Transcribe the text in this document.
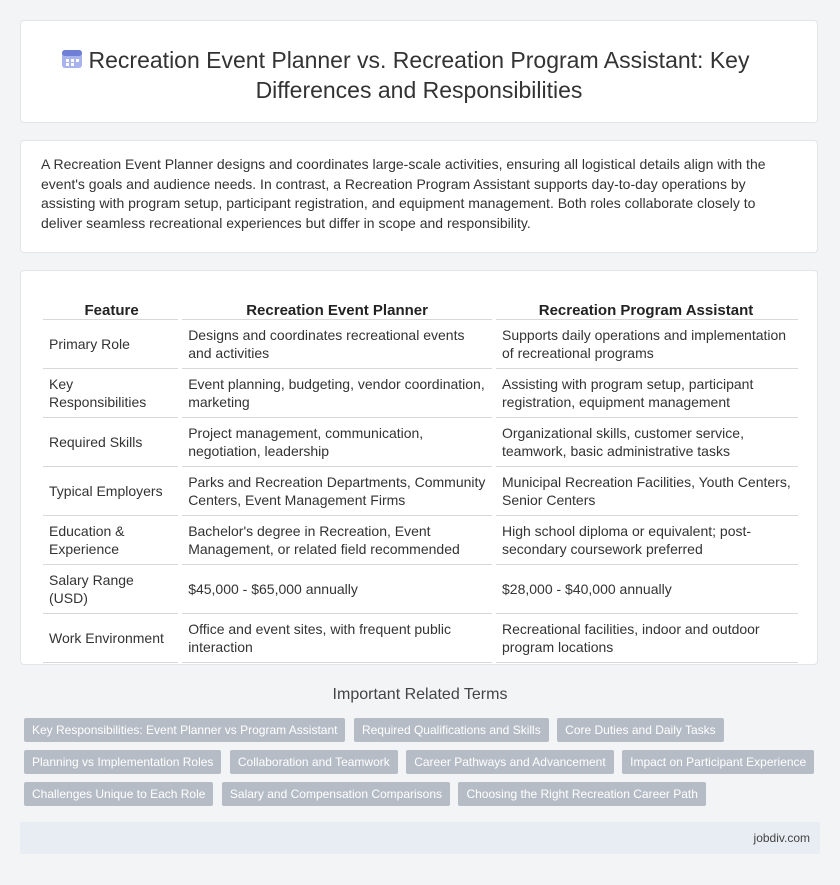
Recreation Event Planner vs. Recreation Program Assistant: Key Differences and Responsibilities

A Recreation Event Planner designs and coordinates large-scale activities, ensuring all logistical details align with the event's goals and audience needs. In contrast, a Recreation Program Assistant supports day-to-day operations by assisting with program setup, participant registration, and equipment management. Both roles collaborate closely to deliver seamless recreational experiences but differ in scope and responsibility.

Feature	Recreation Event Planner	Recreation Program Assistant
Primary Role	Designs and coordinates recreational events and activities	Supports daily operations and implementation of recreational programs
Key Responsibilities	Event planning, budgeting, vendor coordination, marketing	Assisting with program setup, participant registration, equipment management
Required Skills	Project management, communication, negotiation, leadership	Organizational skills, customer service, teamwork, basic administrative tasks
Typical Employers	Parks and Recreation Departments, Community Centers, Event Management Firms	Municipal Recreation Facilities, Youth Centers, Senior Centers
Education & Experience	Bachelor's degree in Recreation, Event Management, or related field recommended	High school diploma or equivalent; post-secondary coursework preferred
Salary Range (USD)	$45,000 - $65,000 annually	$28,000 - $40,000 annually
Work Environment	Office and event sites, with frequent public interaction	Recreational facilities, indoor and outdoor program locations
Important Related Terms
Key Responsibilities: Event Planner vs Program Assistant Required Qualifications and Skills Core Duties and Daily Tasks
Planning vs Implementation Roles Collaboration and Teamwork Career Pathways and Advancement Impact on Participant Experience
Challenges Unique to Each Role Salary and Compensation Comparisons Choosing the Right Recreation Career Path
jobdiv.com
